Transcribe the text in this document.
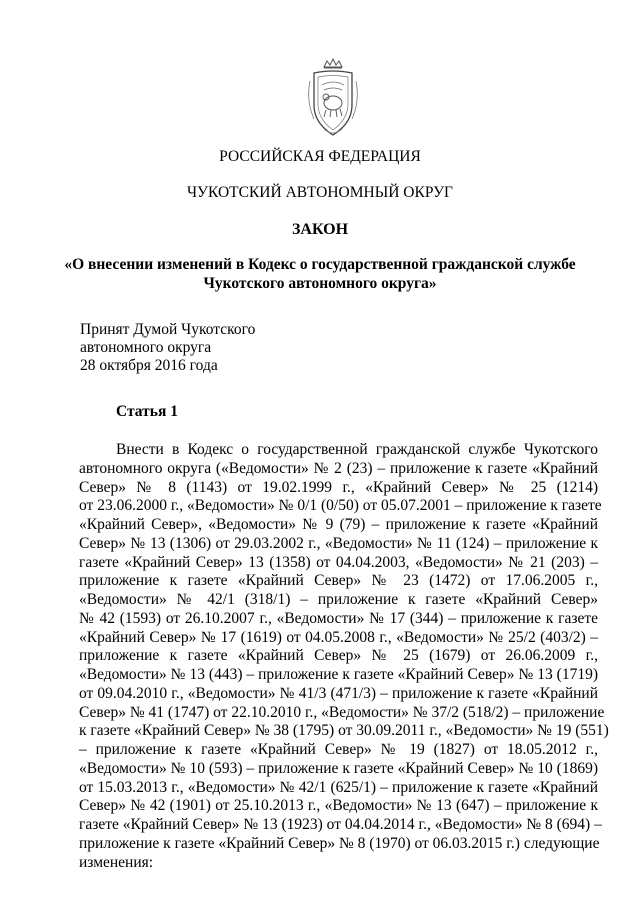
РОССИЙСКАЯ ФЕДЕРАЦИЯ
ЧУКОТСКИЙ АВТОНОМНЫЙ ОКРУГ
ЗАКОН
«О внесении изменений в Кодекс о государственной гражданской службе
Чукотского автономного округа»
Принят Думой Чукотского
автономного округа
28 октября 2016 года
Статья 1
Внести в Кодекс о государственной гражданской службе Чукотского
автономного округа («Ведомости» № 2 (23) – приложение к газете «Крайний
Север» № 8 (1143) от 19.02.1999 г., «Крайний Север» № 25 (1214)
от 23.06.2000 г., «Ведомости» № 0/1 (0/50) от 05.07.2001 – приложение к газете
«Крайний Север», «Ведомости» № 9 (79) – приложение к газете «Крайний
Север» № 13 (1306) от 29.03.2002 г., «Ведомости» № 11 (124) – приложение к
газете «Крайний Север» 13 (1358) от 04.04.2003, «Ведомости» № 21 (203) –
приложение к газете «Крайний Север» № 23 (1472) от 17.06.2005 г.,
«Ведомости» № 42/1 (318/1) – приложение к газете «Крайний Север»
№ 42 (1593) от 26.10.2007 г., «Ведомости» № 17 (344) – приложение к газете
«Крайний Север» № 17 (1619) от 04.05.2008 г., «Ведомости» № 25/2 (403/2) –
приложение к газете «Крайний Север» № 25 (1679) от 26.06.2009 г.,
«Ведомости» № 13 (443) – приложение к газете «Крайний Север» № 13 (1719)
от 09.04.2010 г., «Ведомости» № 41/3 (471/3) – приложение к газете «Крайний
Север» № 41 (1747) от 22.10.2010 г., «Ведомости» № 37/2 (518/2) – приложение
к газете «Крайний Север» № 38 (1795) от 30.09.2011 г., «Ведомости» № 19 (551)
– приложение к газете «Крайний Север» № 19 (1827) от 18.05.2012 г.,
«Ведомости» № 10 (593) – приложение к газете «Крайний Север» № 10 (1869)
от 15.03.2013 г., «Ведомости» № 42/1 (625/1) – приложение к газете «Крайний
Север» № 42 (1901) от 25.10.2013 г., «Ведомости» № 13 (647) – приложение к
газете «Крайний Север» № 13 (1923) от 04.04.2014 г., «Ведомости» № 8 (694) –
приложение к газете «Крайний Север» № 8 (1970) от 06.03.2015 г.) следующие
изменения:
